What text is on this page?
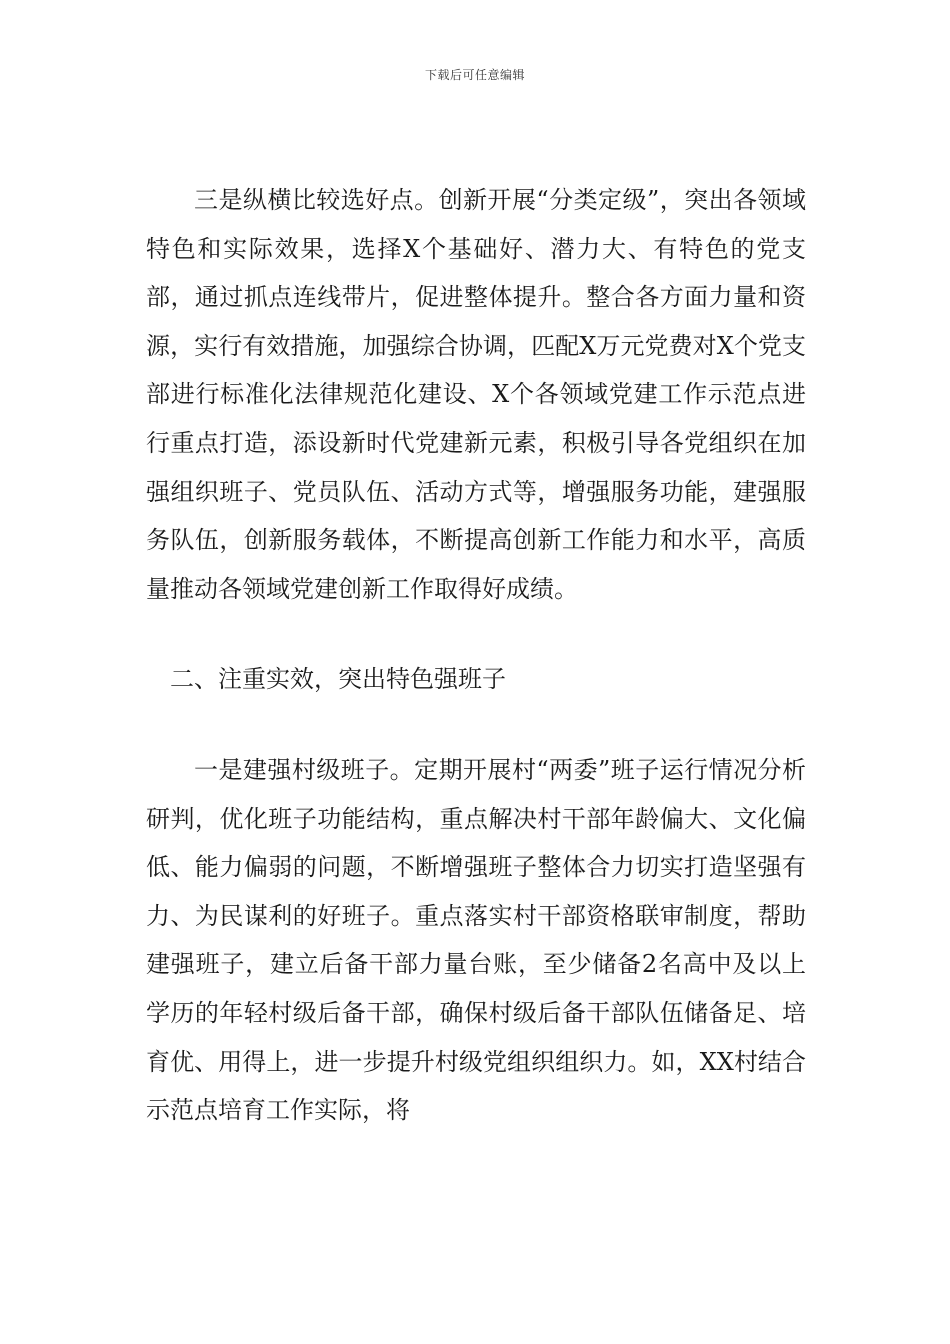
下载后可任意编辑

三是纵横比较选好点。创新开展“分类定级”，突出各领域特色和实际效果，选择X个基础好、潜力大、有特色的党支部，通过抓点连线带片，促进整体提升。整合各方面力量和资源，实行有效措施，加强综合协调，匹配X万元党费对X个党支部进行标准化法律规范化建设、X个各领域党建工作示范点进行重点打造，添设新时代党建新元素，积极引导各党组织在加强组织班子、党员队伍、活动方式等，增强服务功能，建强服务队伍，创新服务载体，不断提高创新工作能力和水平，高质量推动各领域党建创新工作取得好成绩。

二、注重实效，突出特色强班子

一是建强村级班子。定期开展村“两委”班子运行情况分析研判，优化班子功能结构，重点解决村干部年龄偏大、文化偏低、能力偏弱的问题，不断增强班子整体合力切实打造坚强有力、为民谋利的好班子。重点落实村干部资格联审制度，帮助建强班子，建立后备干部力量台账，至少储备2名高中及以上学历的年轻村级后备干部，确保村级后备干部队伍储备足、培育优、用得上，进一步提升村级党组织组织力。如，XX村结合示范点培育工作实际，将
